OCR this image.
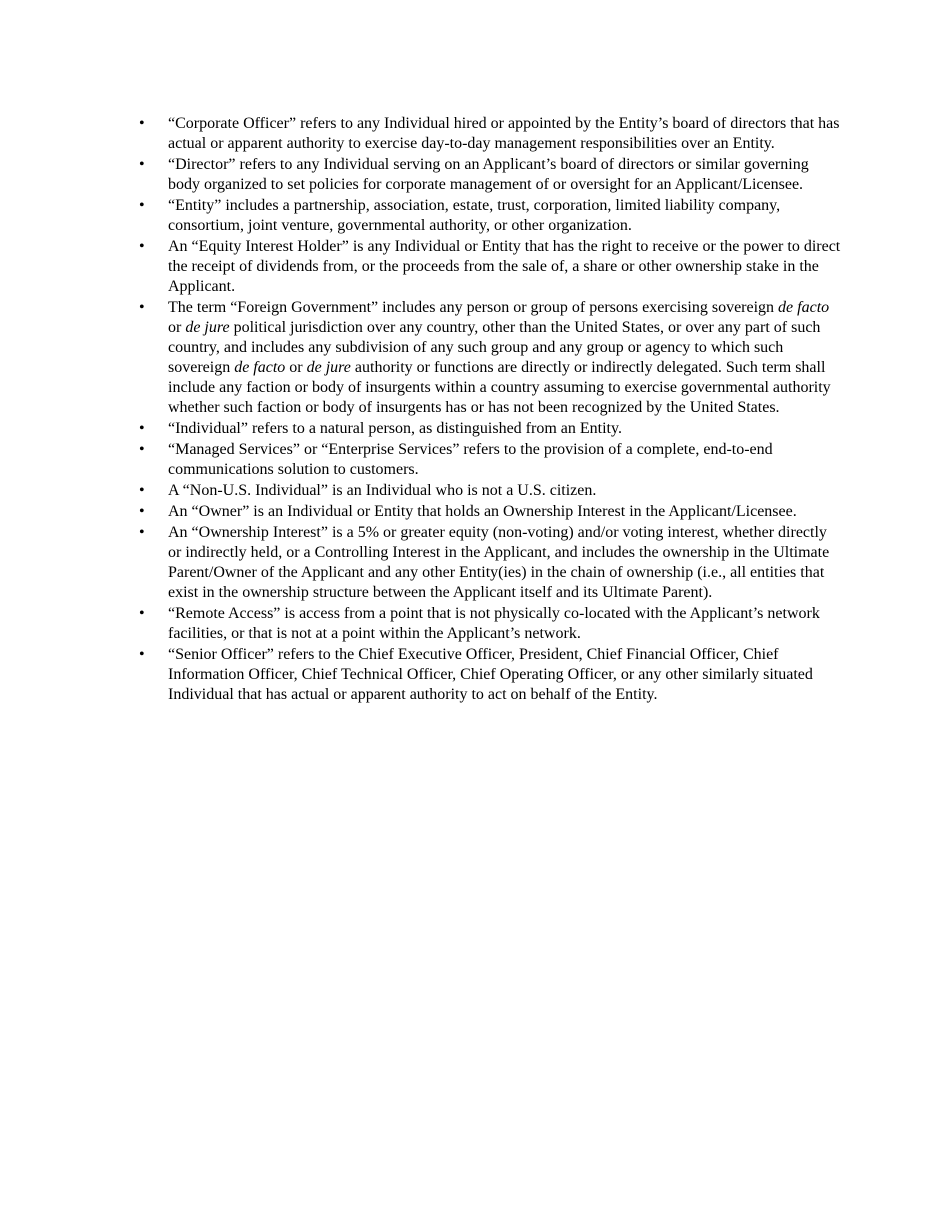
• “Corporate Officer” refers to any Individual hired or appointed by the Entity’s board of directors that has actual or apparent authority to exercise day-to-day management responsibilities over an Entity.
• “Director” refers to any Individual serving on an Applicant’s board of directors or similar governing body organized to set policies for corporate management of or oversight for an Applicant/Licensee.
• “Entity” includes a partnership, association, estate, trust, corporation, limited liability company, consortium, joint venture, governmental authority, or other organization.
• An “Equity Interest Holder” is any Individual or Entity that has the right to receive or the power to direct the receipt of dividends from, or the proceeds from the sale of, a share or other ownership stake in the Applicant.
• The term “Foreign Government” includes any person or group of persons exercising sovereign de facto or de jure political jurisdiction over any country, other than the United States, or over any part of such country, and includes any subdivision of any such group and any group or agency to which such sovereign de facto or de jure authority or functions are directly or indirectly delegated. Such term shall include any faction or body of insurgents within a country assuming to exercise governmental authority whether such faction or body of insurgents has or has not been recognized by the United States.
• “Individual” refers to a natural person, as distinguished from an Entity.
• “Managed Services” or “Enterprise Services” refers to the provision of a complete, end-to-end communications solution to customers.
• A “Non-U.S. Individual” is an Individual who is not a U.S. citizen.
• An “Owner” is an Individual or Entity that holds an Ownership Interest in the Applicant/Licensee.
• An “Ownership Interest” is a 5% or greater equity (non-voting) and/or voting interest, whether directly or indirectly held, or a Controlling Interest in the Applicant, and includes the ownership in the Ultimate Parent/Owner of the Applicant and any other Entity(ies) in the chain of ownership (i.e., all entities that exist in the ownership structure between the Applicant itself and its Ultimate Parent).
• “Remote Access” is access from a point that is not physically co-located with the Applicant’s network facilities, or that is not at a point within the Applicant’s network.
• “Senior Officer” refers to the Chief Executive Officer, President, Chief Financial Officer, Chief Information Officer, Chief Technical Officer, Chief Operating Officer, or any other similarly situated Individual that has actual or apparent authority to act on behalf of the Entity.
